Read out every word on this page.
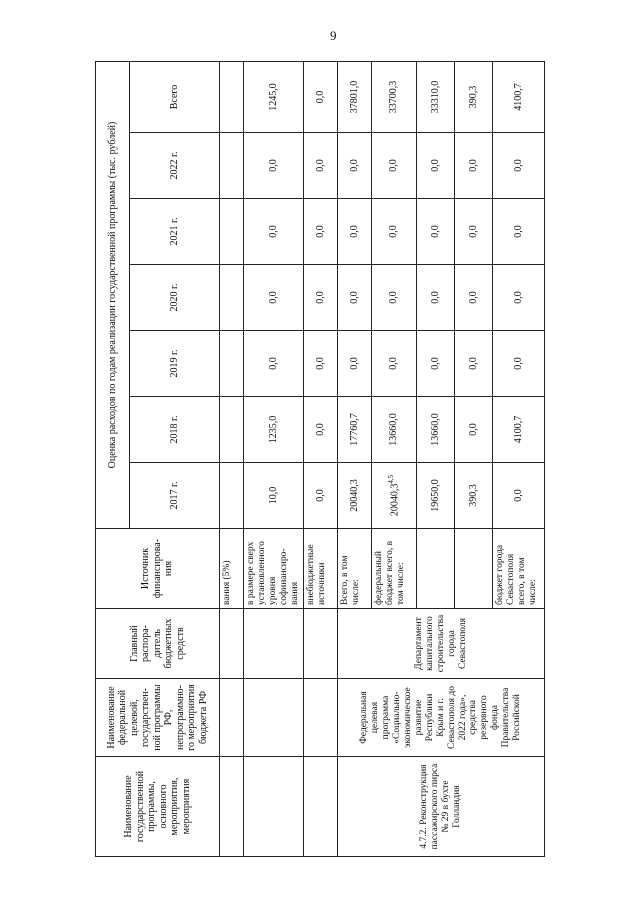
9
Наименование государственной программы, основного мероприятия, мероприятия	Наименование федеральной целевой, государствен-ной программы РФ, непрограммно-го мероприятия бюджета РФ	Главный распора-дитель бюджетных средств	Источник финансирова-ния	Оценка расходов по годам реализации государственной программы (тыс. рублей)						
				2017 г.	2018 г.	2019 г.	2020 г.	2021 г.	2022 г.	Всего
			вания (5%)							
			в размере сверх установленного уровня софинансиро-вания	10,0	1235,0	0,0	0,0	0,0	0,0	1245,0
			внебюджетные источники	0,0	0,0	0,0	0,0	0,0	0,0	0,0
4.7.2. Реконструкция пассажирского пирса № 29 в бухте Голландия	Федеральная целевая программа «Социально-экономическое развитие Республики Крым и г. Севастополя до 2022 года», средства резервного фонда Правительства Российской	Департамент капитального строительства города Севастополя	Всего, в том числе:	20040,3	17760,7	0,0	0,0	0,0	0,0	37801,0
			федеральный бюджет всего, в том числе:	20040,3$^{4,5}$	13660,0	0,0	0,0	0,0	0,0	33700,3
				19650,0	13660,0	0,0	0,0	0,0	0,0	33310,0
				390,3	0,0	0,0	0,0	0,0	0,0	390,3
			бюджет города Севастополя всего, в том числе:	0,0	4100,7	0,0	0,0	0,0	0,0	4100,7
